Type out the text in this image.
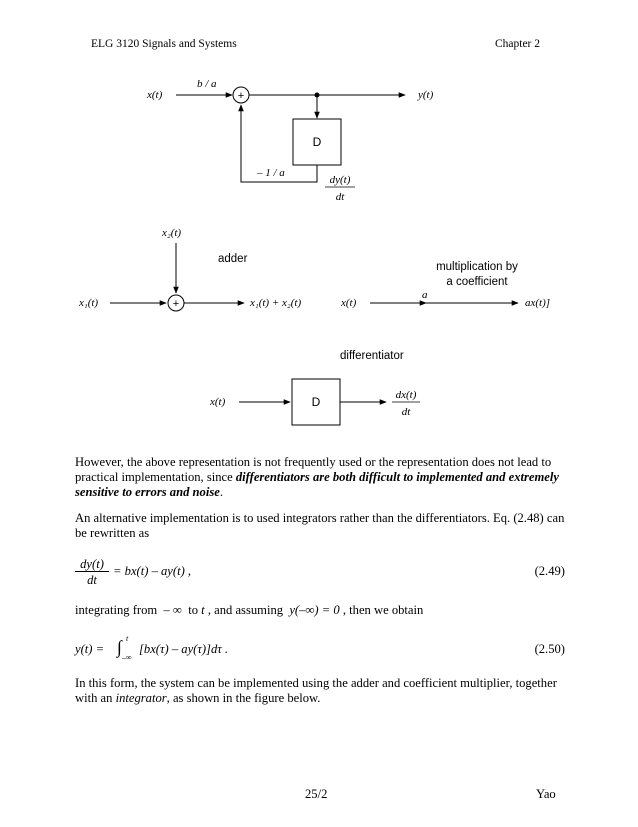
ELG 3120 Signals and Systems	Chapter 2
x(t)
b / a
+	y(t)
D
– 1 / a
dy(t)
dt
x₂(t)
adder
x₁(t)	+	x₁(t) + x₂(t)
multiplication by
a coefficient
x(t)
a
ax(t)]
differentiator
x(t)	D	dx(t)
dt
However, the above representation is not frequently used or the representation does not lead to practical implementation, since differentiators are both difficult to implemented and extremely sensitive to errors and noise.
An alternative implementation is to used integrators rather than the differentiators. Eq. (2.48) can be rewritten as
$\frac{dy(t)}{dt} = bx(t) - ay(t)$ ,	(2.49)
integrating from – ∞ to t , and assuming y(–∞) = 0 , then we obtain
y(t) = ∫ t
–∞
[bx(τ) – ay(τ)]dτ .	(2.50)
In this form, the system can be implemented using the adder and coefficient multiplier, together with an integrator, as shown in the figure below.
25/2	Yao
